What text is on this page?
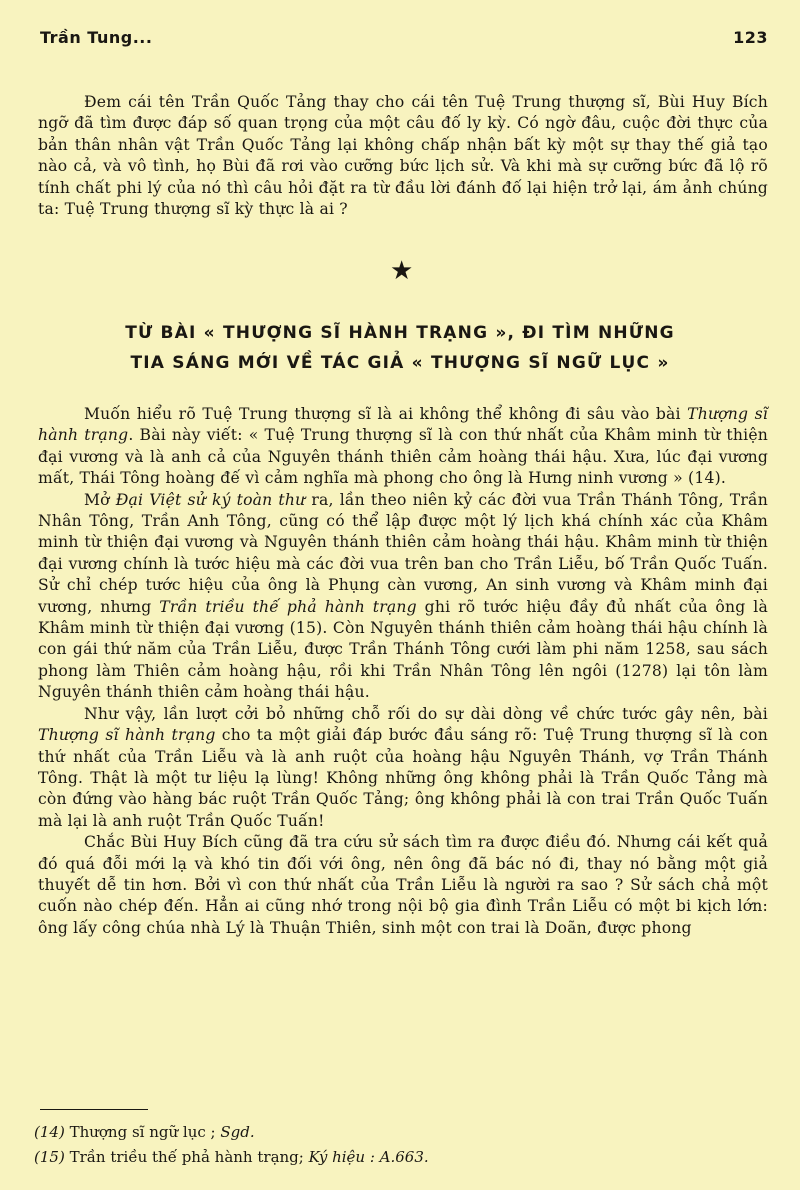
Trần Tung...	123

Đem cái tên Trần Quốc Tảng thay cho cái tên Tuệ Trung thượng sĩ, Bùi Huy Bích ngỡ đã tìm được đáp số quan trọng của một câu đố ly kỳ. Có ngờ đâu, cuộc đời thực của bản thân nhân vật Trần Quốc Tảng lại không chấp nhận bất kỳ một sự thay thế giả tạo nào cả, và vô tình, họ Bùi đã rơi vào cưỡng bức lịch sử. Và khi mà sự cưỡng bức đã lộ rõ tính chất phi lý của nó thì câu hỏi đặt ra từ đầu lời đánh đố lại hiện trở lại, ám ảnh chúng ta: Tuệ Trung thượng sĩ kỳ thực là ai ?

★
TỪ BÀI « THƯỢNG SĨ HÀNH TRẠNG », ĐI TÌM NHỮNG
TIA SÁNG MỚI VỀ TÁC GIẢ « THƯỢNG SĨ NGỮ LỤC »

Muốn hiểu rõ Tuệ Trung thượng sĩ là ai không thể không đi sâu vào bài Thượng sĩ hành trạng. Bài này viết: « Tuệ Trung thượng sĩ là con thứ nhất của Khâm minh từ thiện đại vương và là anh cả của Nguyên thánh thiên cảm hoàng thái hậu. Xưa, lúc đại vương mất, Thái Tông hoàng đế vì cảm nghĩa mà phong cho ông là Hưng ninh vương » (14).

Mở Đại Việt sử ký toàn thư ra, lần theo niên kỷ các đời vua Trần Thánh Tông, Trần Nhân Tông, Trần Anh Tông, cũng có thể lập được một lý lịch khá chính xác của Khâm minh từ thiện đại vương và Nguyên thánh thiên cảm hoàng thái hậu. Khâm minh từ thiện đại vương chính là tước hiệu mà các đời vua trên ban cho Trần Liễu, bố Trần Quốc Tuấn. Sử chỉ chép tước hiệu của ông là Phụng càn vương, An sinh vương và Khâm minh đại vương, nhưng Trần triều thế phả hành trạng ghi rõ tước hiệu đầy đủ nhất của ông là Khâm minh từ thiện đại vương (15). Còn Nguyên thánh thiên cảm hoàng thái hậu chính là con gái thứ năm của Trần Liễu, được Trần Thánh Tông cưới làm phi năm 1258, sau sách phong làm Thiên cảm hoàng hậu, rồi khi Trần Nhân Tông lên ngôi (1278) lại tôn làm Nguyên thánh thiên cảm hoàng thái hậu.

Như vậy, lần lượt cởi bỏ những chỗ rối do sự dài dòng về chức tước gây nên, bài Thượng sĩ hành trạng cho ta một giải đáp bước đầu sáng rõ: Tuệ Trung thượng sĩ là con thứ nhất của Trần Liễu và là anh ruột của hoàng hậu Nguyên Thánh, vợ Trần Thánh Tông. Thật là một tư liệu lạ lùng! Không những ông không phải là Trần Quốc Tảng mà còn đứng vào hàng bác ruột Trần Quốc Tảng; ông không phải là con trai Trần Quốc Tuấn mà lại là anh ruột Trần Quốc Tuấn!

Chắc Bùi Huy Bích cũng đã tra cứu sử sách tìm ra được điều đó. Nhưng cái kết quả đó quá đỗi mới lạ và khó tin đối với ông, nên ông đã bác nó đi, thay nó bằng một giả thuyết dễ tin hơn. Bởi vì con thứ nhất của Trần Liễu là người ra sao ? Sử sách chả một cuốn nào chép đến. Hẳn ai cũng nhớ trong nội bộ gia đình Trần Liễu có một bi kịch lớn: ông lấy công chúa nhà Lý là Thuận Thiên, sinh một con trai là Doãn, được phong

(14) Thượng sĩ ngữ lục ; Sgd.
(15) Trần triều thế phả hành trạng; Ký hiệu : A.663.
